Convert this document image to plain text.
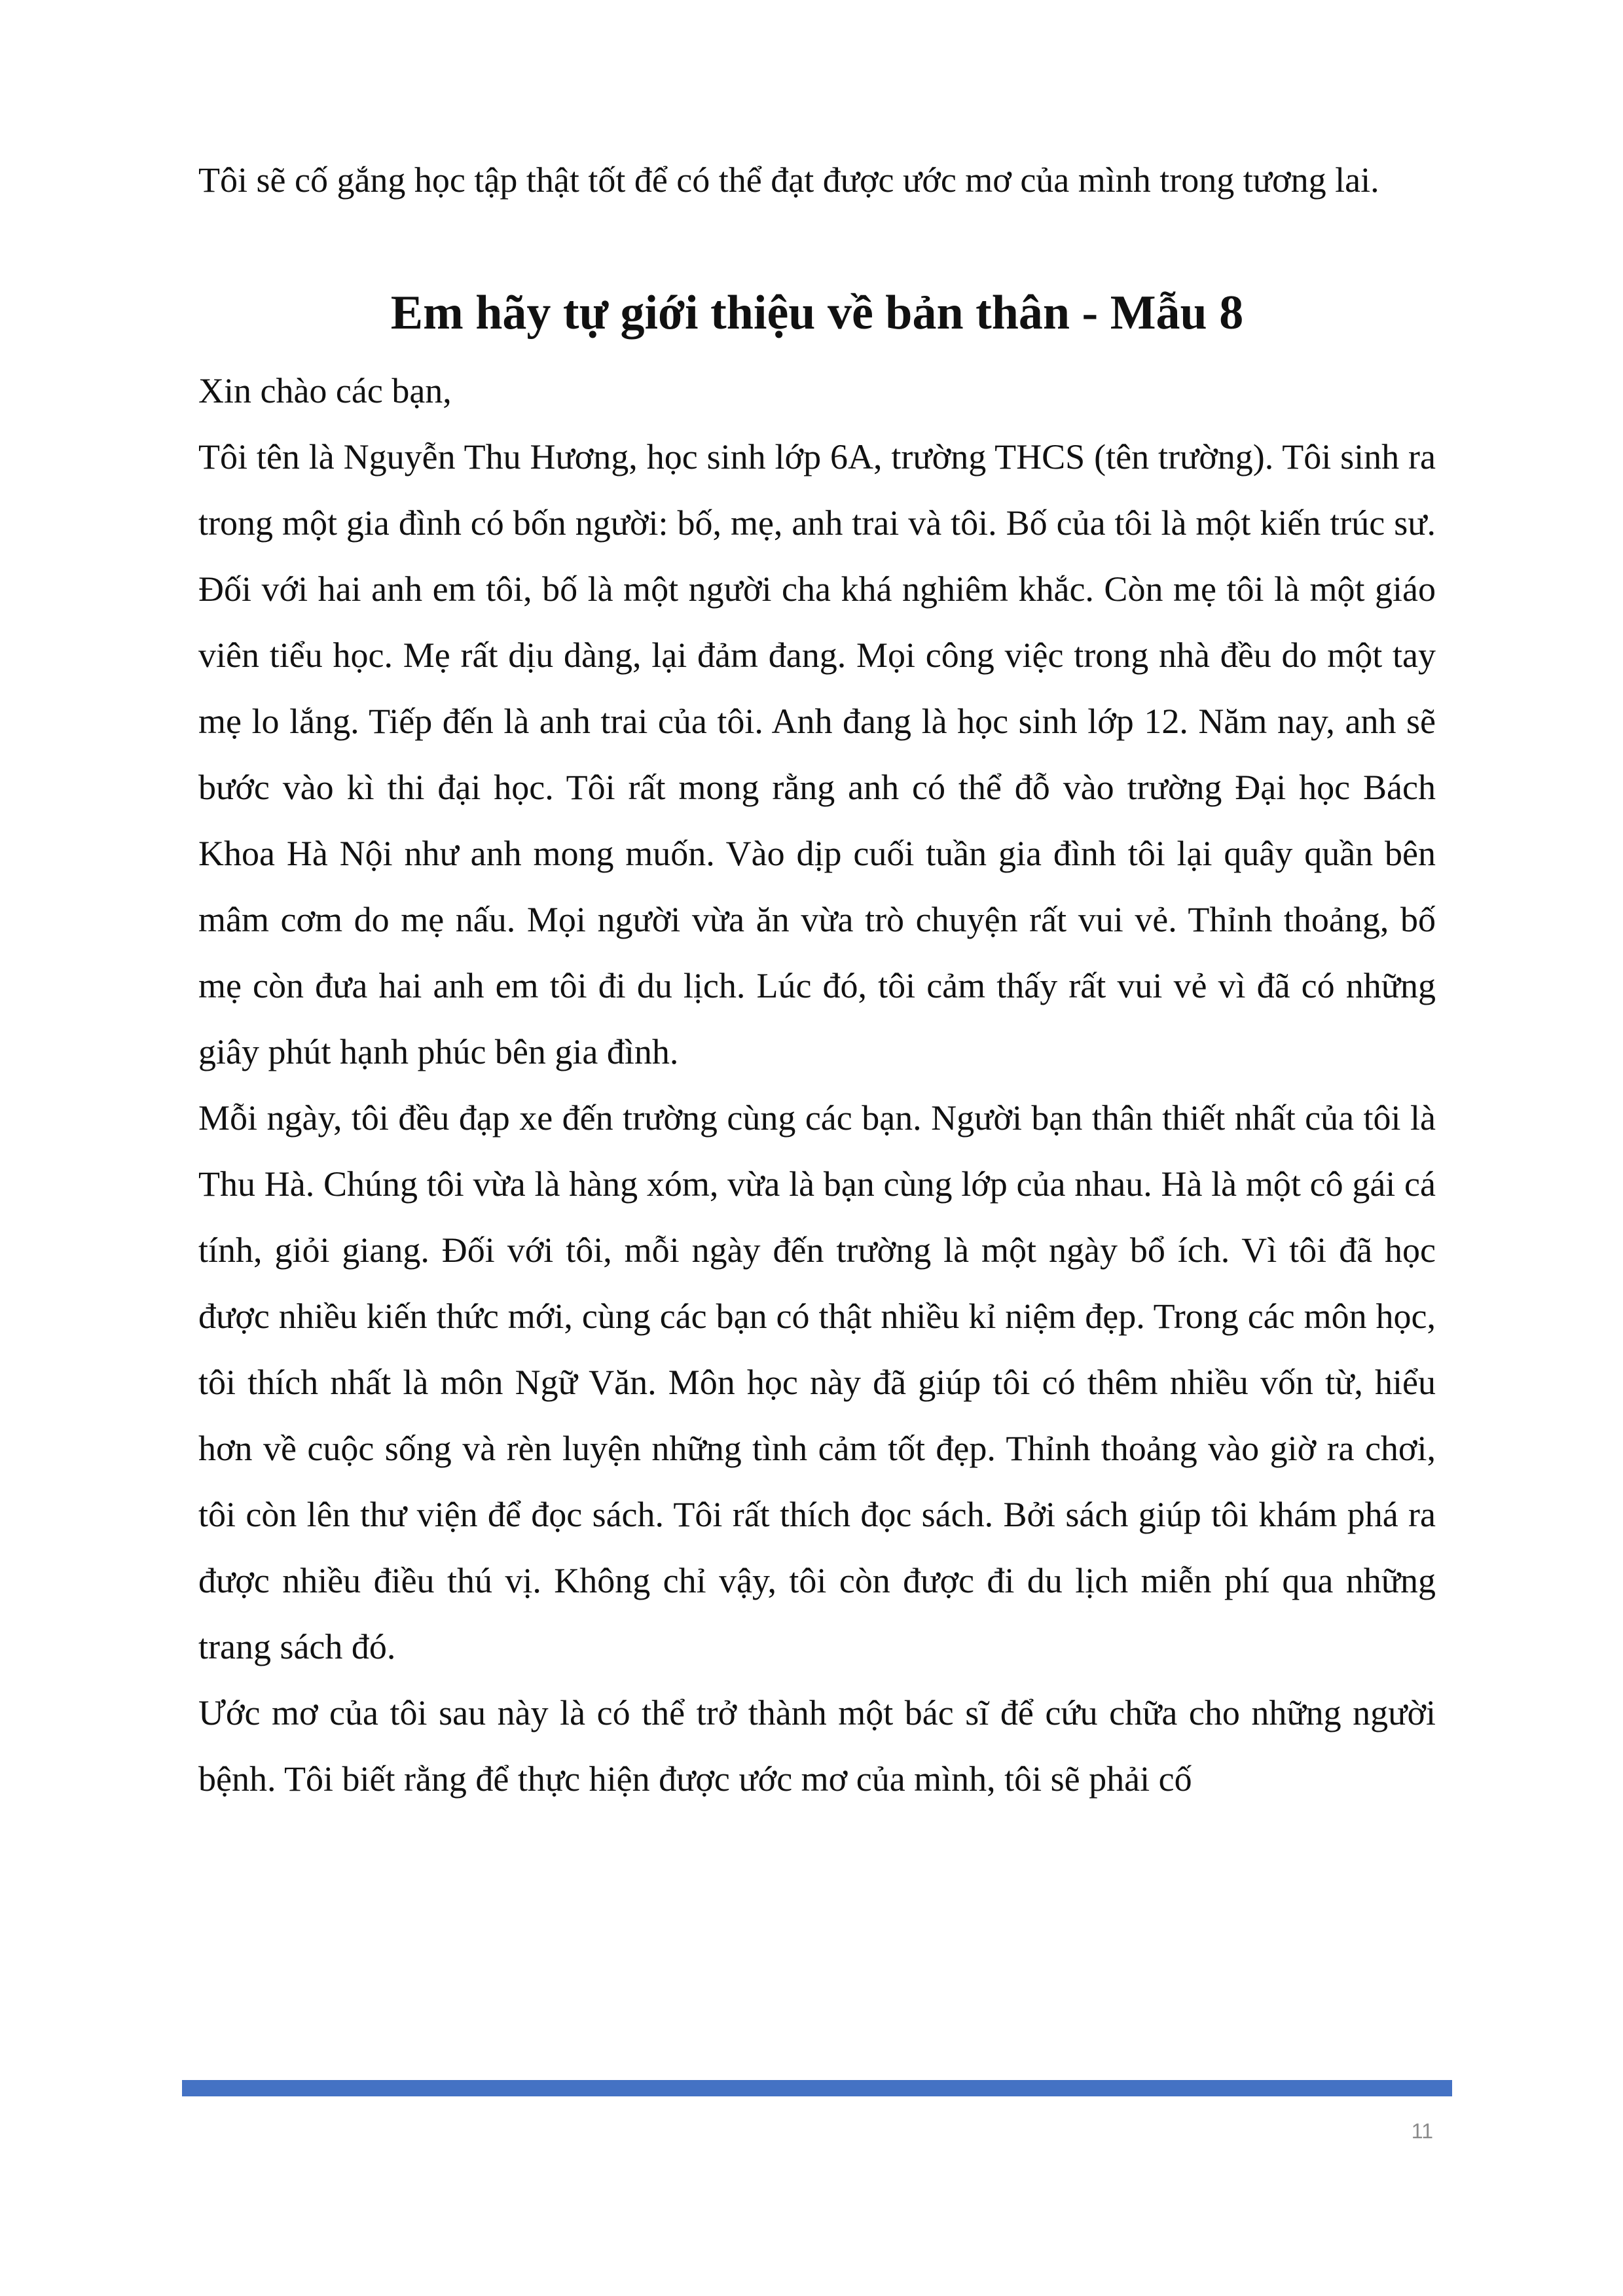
Tôi sẽ cố gắng học tập thật tốt để có thể đạt được ước mơ của mình trong tương lai.

Em hãy tự giới thiệu về bản thân - Mẫu 8

Xin chào các bạn,

Tôi tên là Nguyễn Thu Hương, học sinh lớp 6A, trường THCS (tên trường). Tôi sinh ra trong một gia đình có bốn người: bố, mẹ, anh trai và tôi. Bố của tôi là một kiến trúc sư. Đối với hai anh em tôi, bố là một người cha khá nghiêm khắc. Còn mẹ tôi là một giáo viên tiểu học. Mẹ rất dịu dàng, lại đảm đang. Mọi công việc trong nhà đều do một tay mẹ lo lắng. Tiếp đến là anh trai của tôi. Anh đang là học sinh lớp 12. Năm nay, anh sẽ bước vào kì thi đại học. Tôi rất mong rằng anh có thể đỗ vào trường Đại học Bách Khoa Hà Nội như anh mong muốn. Vào dịp cuối tuần gia đình tôi lại quây quần bên mâm cơm do mẹ nấu. Mọi người vừa ăn vừa trò chuyện rất vui vẻ. Thỉnh thoảng, bố mẹ còn đưa hai anh em tôi đi du lịch. Lúc đó, tôi cảm thấy rất vui vẻ vì đã có những giây phút hạnh phúc bên gia đình.

Mỗi ngày, tôi đều đạp xe đến trường cùng các bạn. Người bạn thân thiết nhất của tôi là Thu Hà. Chúng tôi vừa là hàng xóm, vừa là bạn cùng lớp của nhau. Hà là một cô gái cá tính, giỏi giang. Đối với tôi, mỗi ngày đến trường là một ngày bổ ích. Vì tôi đã học được nhiều kiến thức mới, cùng các bạn có thật nhiều kỉ niệm đẹp. Trong các môn học, tôi thích nhất là môn Ngữ Văn. Môn học này đã giúp tôi có thêm nhiều vốn từ, hiểu hơn về cuộc sống và rèn luyện những tình cảm tốt đẹp. Thỉnh thoảng vào giờ ra chơi, tôi còn lên thư viện để đọc sách. Tôi rất thích đọc sách. Bởi sách giúp tôi khám phá ra được nhiều điều thú vị. Không chỉ vậy, tôi còn được đi du lịch miễn phí qua những trang sách đó.

Ước mơ của tôi sau này là có thể trở thành một bác sĩ để cứu chữa cho những người bệnh. Tôi biết rằng để thực hiện được ước mơ của mình, tôi sẽ phải cố

11
